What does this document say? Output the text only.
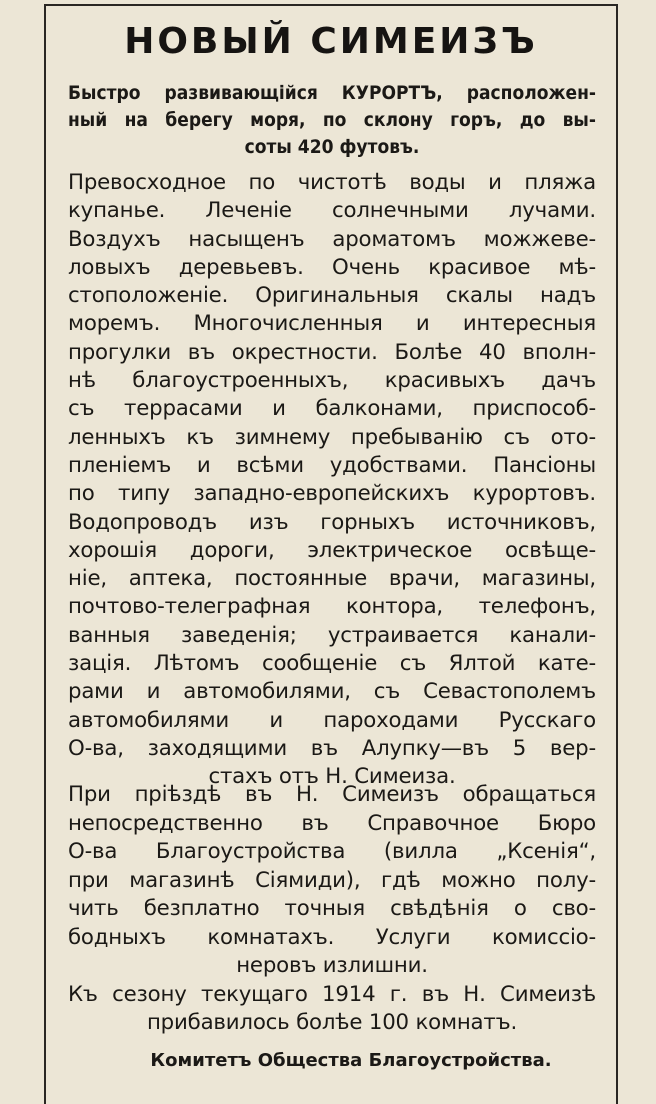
НОВЫЙ СИМЕИЗЪ
Быстро развивающійся КУРОРТЪ, расположен-
ный на берегу моря, по склону горъ, до вы-
соты 420 футовъ.
Превосходное по чистотѣ воды и пляжа
купанье. Леченіе солнечными лучами.
Воздухъ насыщенъ ароматомъ можжеве-
ловыхъ деревьевъ. Очень красивое мѣ-
стоположеніе. Оригинальныя скалы надъ
моремъ. Многочисленныя и интересныя
прогулки въ окрестности. Болѣе 40 вполн-
нѣ благоустроенныхъ, красивыхъ дачъ
съ террасами и балконами, приспособ-
ленныхъ къ зимнему пребыванію съ ото-
пленіемъ и всѣми удобствами. Пансіоны
по типу западно-европейскихъ курортовъ.
Водопроводъ изъ горныхъ источниковъ,
хорошія дороги, электрическое освѣще-
ніе, аптека, постоянные врачи, магазины,
почтово-телеграфная контора, телефонъ,
ванныя заведенія; устраивается канали-
зація. Лѣтомъ сообщеніе съ Ялтой катe-
рами и автомобилями, съ Севастополемъ
автомобилями и пароходами Русскаго
О-ва, заходящими въ Алупку—въ 5 вер-
стахъ отъ Н. Симеиза.
При пріѣздѣ въ Н. Симеизъ обращаться
непосредственно въ Справочное Бюро
О-ва Благоустройства (вилла „Ксенія“,
при магазинѣ Сіямиди), гдѣ можно полу-
чить безплатно точныя свѣдѣнія о сво-
бодныхъ комнатахъ. Услуги комиссіо-
неровъ излишни.
Къ сезону текущаго 1914 г. въ Н. Симеизѣ
прибавилось болѣе 100 комнатъ.
Комитетъ Общества Благоустройства.
